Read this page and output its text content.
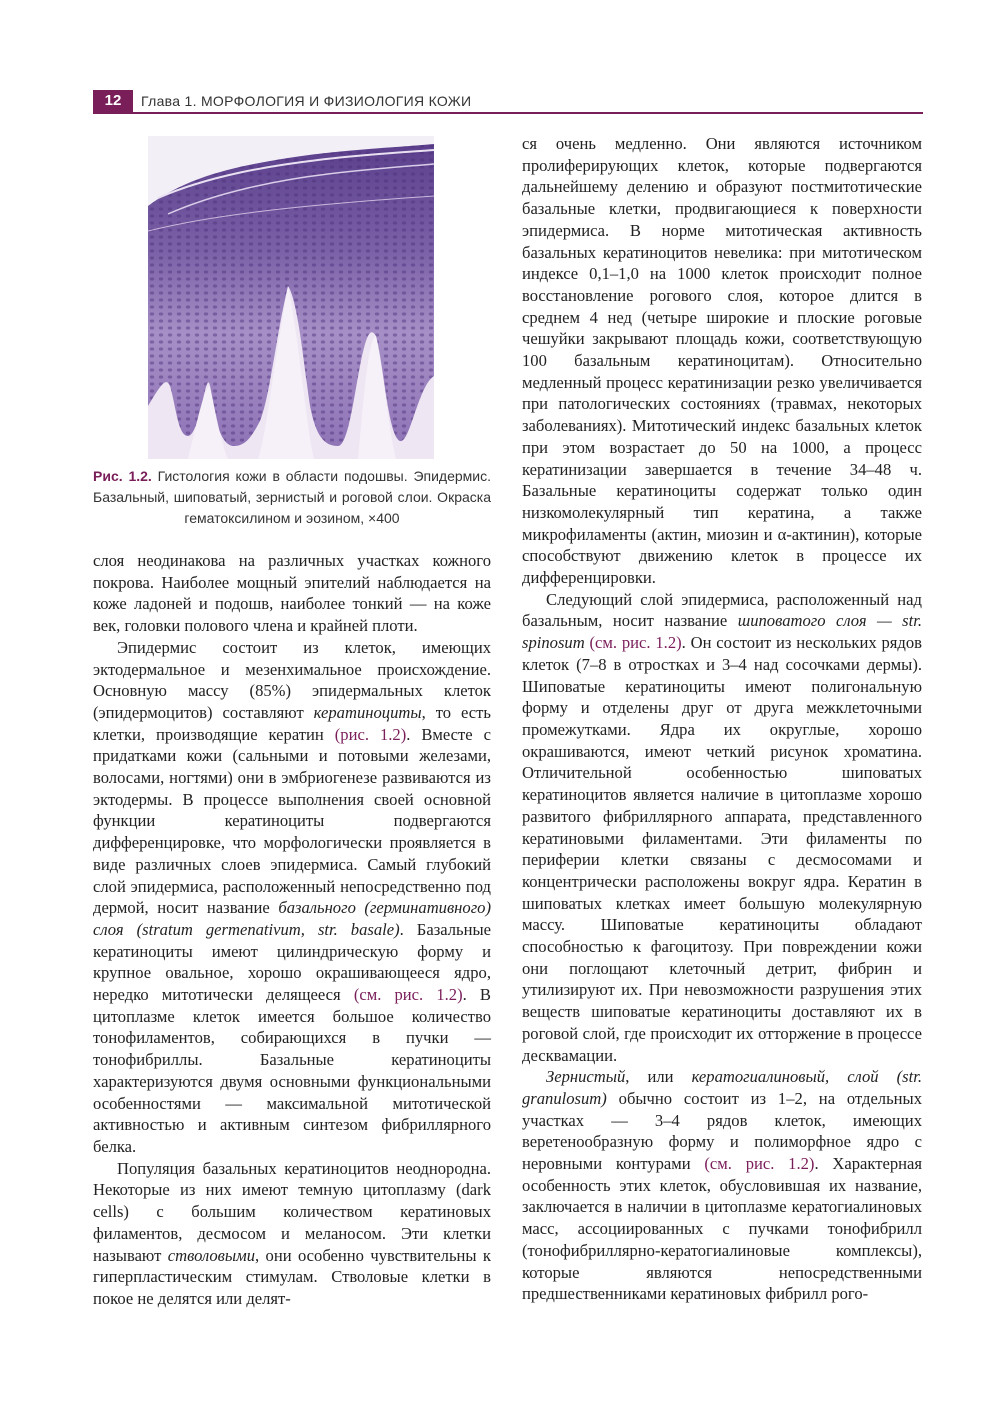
12	Глава 1. МОРФОЛОГИЯ И ФИЗИОЛОГИЯ КОЖИ
Рис. 1.2. Гистология кожи в области подошвы. Эпидермис. Базальный, шиповатый, зернистый и роговой слои. Окраска гематоксилином и эозином, ×400

слоя неодинакова на различных участках кожного покрова. Наиболее мощный эпителий наблюдается на коже ладоней и подошв, наиболее тонкий — на коже век, головки полового члена и крайней плоти.

Эпидермис состоит из клеток, имеющих эктодермальное и мезенхимальное происхождение. Основную массу (85%) эпидермальных клеток (эпидермоцитов) составляют кератиноциты, то есть клетки, производящие кератин (рис. 1.2). Вместе с придатками кожи (сальными и потовыми железами, волосами, ногтями) они в эмбриогенезе развиваются из эктодермы. В процессе выполнения своей основной функции кератиноциты подвергаются дифференцировке, что морфологически проявляется в виде различных слоев эпидермиса. Самый глубокий слой эпидермиса, расположенный непосредственно под дермой, носит название базального (герминативного) слоя (stratum germenativum, str. basale). Базальные кератиноциты имеют цилиндрическую форму и крупное овальное, хорошо окрашивающееся ядро, нередко митотически делящееся (см. рис. 1.2). В цитоплазме клеток имеется большое количество тонофиламентов, собирающихся в пучки — тонофибриллы. Базальные кератиноциты характеризуются двумя основными функциональными особенностями — максимальной митотической активностью и активным синтезом фибриллярного белка.

Популяция базальных кератиноцитов неоднородна. Некоторые из них имеют темную цитоплазму (dark cells) с большим количеством кератиновых филаментов, десмосом и меланосом. Эти клетки называют стволовыми, они особенно чувствительны к гиперпластическим стимулам. Стволовые клетки в покое не делятся или делят-

ся очень медленно. Они являются источником пролиферирующих клеток, которые подвергаются дальнейшему делению и образуют постмитотические базальные клетки, продвигающиеся к поверхности эпидермиса. В норме митотическая активность базальных кератиноцитов невелика: при митотическом индексе 0,1–1,0 на 1000 клеток происходит полное восстановление рогового слоя, которое длится в среднем 4 нед (четыре широкие и плоские роговые чешуйки закрывают площадь кожи, соответствующую 100 базальным кератиноцитам). Относительно медленный процесс кератинизации резко увеличивается при патологических состояниях (травмах, некоторых заболеваниях). Митотический индекс базальных клеток при этом возрастает до 50 на 1000, а процесс кератинизации завершается в течение 34–48 ч. Базальные кератиноциты содержат только один низкомолекулярный тип кератина, а также микрофиламенты (актин, миозин и α-актинин), которые способствуют движению клеток в процессе их дифференцировки.

Следующий слой эпидермиса, расположенный над базальным, носит название шиповатого слоя — str. spinosum (см. рис. 1.2). Он состоит из нескольких рядов клеток (7–8 в отростках и 3–4 над сосочками дермы). Шиповатые кератиноциты имеют полигональную форму и отделены друг от друга межклеточными промежутками. Ядра их округлые, хорошо окрашиваются, имеют четкий рисунок хроматина. Отличительной особенностью шиповатых кератиноцитов является наличие в цитоплазме хорошо развитого фибриллярного аппарата, представленного кератиновыми филаментами. Эти филаменты по периферии клетки связаны с десмосомами и концентрически расположены вокруг ядра. Кератин в шиповатых клетках имеет большую молекулярную массу. Шиповатые кератиноциты обладают способностью к фагоцитозу. При повреждении кожи они поглощают клеточный детрит, фибрин и утилизируют их. При невозможности разрушения этих веществ шиповатые кератиноциты доставляют их в роговой слой, где происходит их отторжение в процессе десквамации.

Зернистый, или кератогиалиновый, слой (str. granulosum) обычно состоит из 1–2, на отдельных участках — 3–4 рядов клеток, имеющих веретенообразную форму и полиморфное ядро с неровными контурами (см. рис. 1.2). Характерная особенность этих клеток, обусловившая их название, заключается в наличии в цитоплазме кератогиалиновых масс, ассоциированных с пучками тонофибрилл (тонофибриллярно-кератогиалиновые комплексы), которые являются непосредственными предшественниками кератиновых фибрилл рого-
